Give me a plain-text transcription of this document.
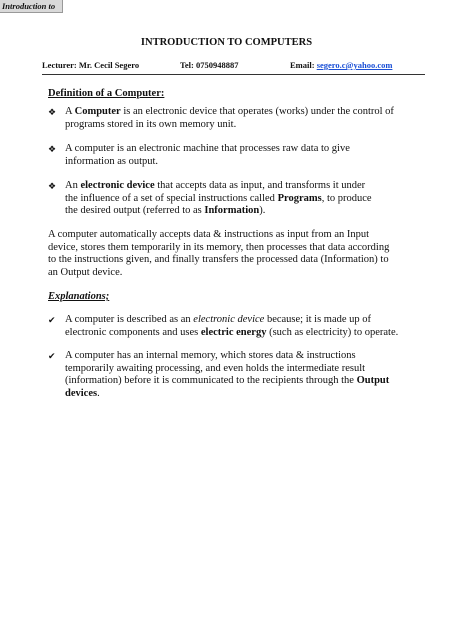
Introduction to
INTRODUCTION TO COMPUTERS
Lecturer: Mr. Cecil Segero	Tel: 0750948887	Email: segero.c@yahoo.com
Definition of a Computer:
❖ A Computer is an electronic device that operates (works) under the control of
programs stored in its own memory unit.
❖ A computer is an electronic machine that processes raw data to give
information as output.
❖ An electronic device that accepts data as input, and transforms it under
the influence of a set of special instructions called Programs, to produce
the desired output (referred to as Information).
A computer automatically accepts data & instructions as input from an Input
device, stores them temporarily in its memory, then processes that data according
to the instructions given, and finally transfers the processed data (Information) to
an Output device.
Explanations;
✔ A computer is described as an electronic device because; it is made up of
electronic components and uses electric energy (such as electricity) to operate.
✔ A computer has an internal memory, which stores data & instructions
temporarily awaiting processing, and even holds the intermediate result
(information) before it is communicated to the recipients through the Output
devices.
